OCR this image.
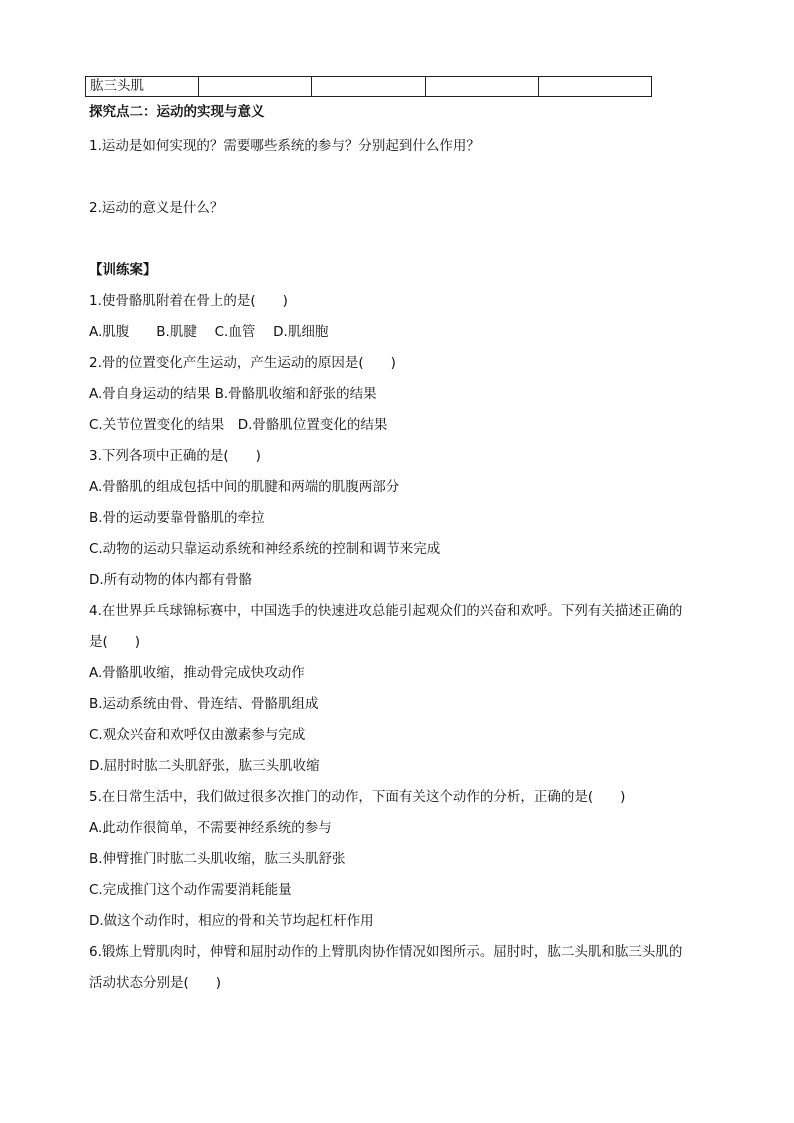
肱三头肌				

探究点二：运动的实现与意义

1.运动是如何实现的？需要哪些系统的参与？分别起到什么作用？

2.运动的意义是什么？

【训练案】

1.使骨骼肌附着在骨上的是(　　)

A.肌腹　　B.肌腱　 C.血管　 D.肌细胞

2.骨的位置变化产生运动，产生运动的原因是(　　)

A.骨自身运动的结果 B.骨骼肌收缩和舒张的结果

C.关节位置变化的结果　D.骨骼肌位置变化的结果

3.下列各项中正确的是(　　)

A.骨骼肌的组成包括中间的肌腱和两端的肌腹两部分

B.骨的运动要靠骨骼肌的牵拉

C.动物的运动只靠运动系统和神经系统的控制和调节来完成

D.所有动物的体内都有骨骼

4.在世界乒乓球锦标赛中，中国选手的快速进攻总能引起观众们的兴奋和欢呼。下列有关描述正确的

是(　　)

A.骨骼肌收缩，推动骨完成快攻动作

B.运动系统由骨、骨连结、骨骼肌组成

C.观众兴奋和欢呼仅由激素参与完成

D.屈肘时肱二头肌舒张，肱三头肌收缩

5.在日常生活中，我们做过很多次推门的动作，下面有关这个动作的分析，正确的是(　　)

A.此动作很简单，不需要神经系统的参与

B.伸臂推门时肱二头肌收缩，肱三头肌舒张

C.完成推门这个动作需要消耗能量

D.做这个动作时，相应的骨和关节均起杠杆作用

6.锻炼上臂肌肉时，伸臂和屈肘动作的上臂肌肉协作情况如图所示。屈肘时，肱二头肌和肱三头肌的

活动状态分别是(　　)
